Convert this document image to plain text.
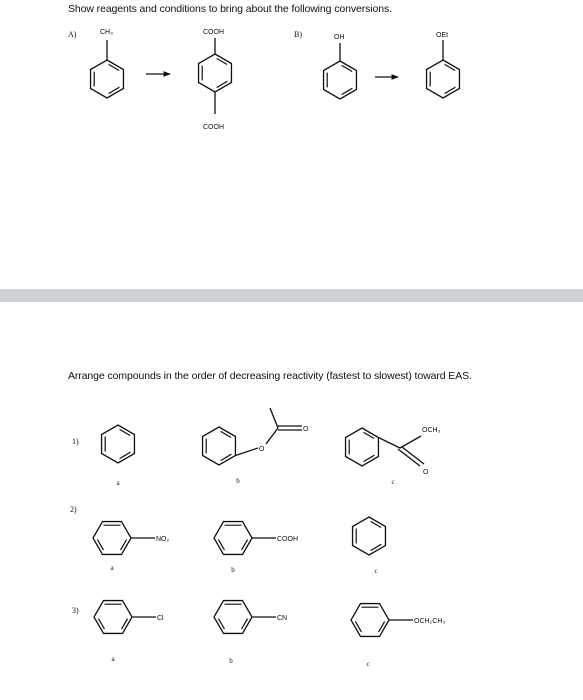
Show reagents and conditions to bring about the following conversions.
Arrange compounds in the order of decreasing reactivity (fastest to slowest) toward EAS.
A)	CH₃	COOH
COOH
B)	OH	OEt
1)
a
O
O
b
OCH₃
O
c
2)
NO₂
a
COOH
b	c
3)
Cl
a
CN
b
OCH₂CH₃
c
